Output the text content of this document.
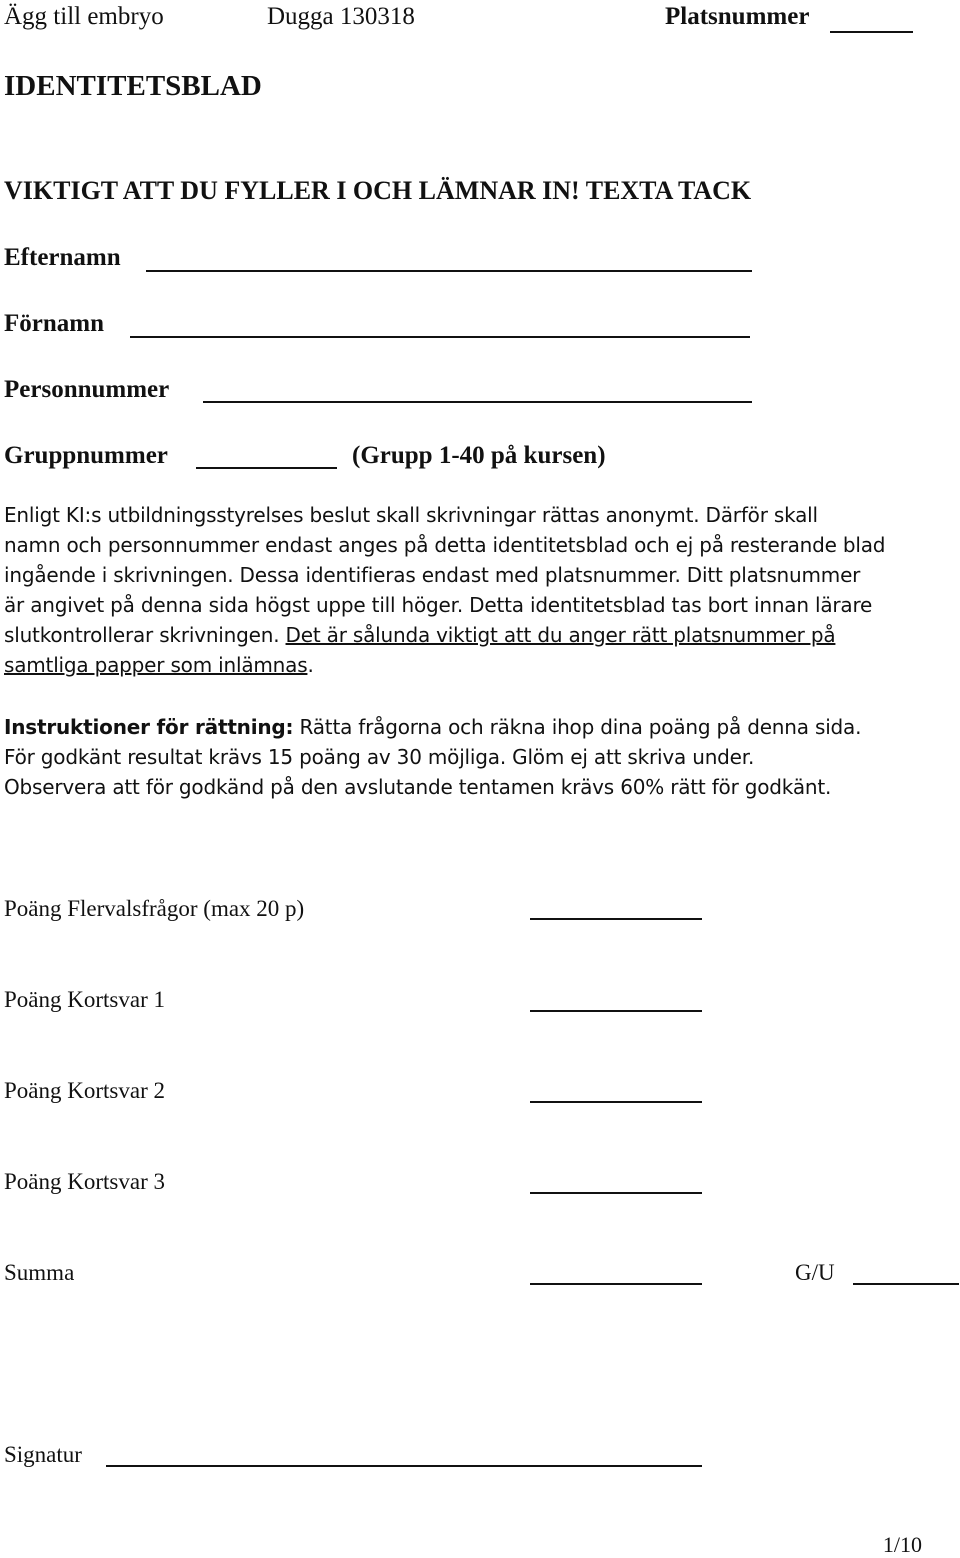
Ägg till embryo	Dugga 130318	Platsnummer
IDENTITETSBLAD
VIKTIGT ATT DU FYLLER I OCH LÄMNAR IN! TEXTA TACK
Efternamn
Förnamn
Personnummer
Gruppnummer	(Grupp 1-40 på kursen)
Enligt KI:s utbildningsstyrelses beslut skall skrivningar rättas anonymt. Därför skall
namn och personnummer endast anges på detta identitetsblad och ej på resterande blad
ingående i skrivningen. Dessa identifieras endast med platsnummer. Ditt platsnummer
är angivet på denna sida högst uppe till höger. Detta identitetsblad tas bort innan lärare
slutkontrollerar skrivningen. Det är sålunda viktigt att du anger rätt platsnummer på
samtliga papper som inlämnas.
Instruktioner för rättning: Rätta frågorna och räkna ihop dina poäng på denna sida.
För godkänt resultat krävs 15 poäng av 30 möjliga. Glöm ej att skriva under.
Observera att för godkänd på den avslutande tentamen krävs 60% rätt för godkänt.
Poäng Flervalsfrågor (max 20 p)
Poäng Kortsvar 1
Poäng Kortsvar 2
Poäng Kortsvar 3
Summa	G/U
Signatur
1/10
